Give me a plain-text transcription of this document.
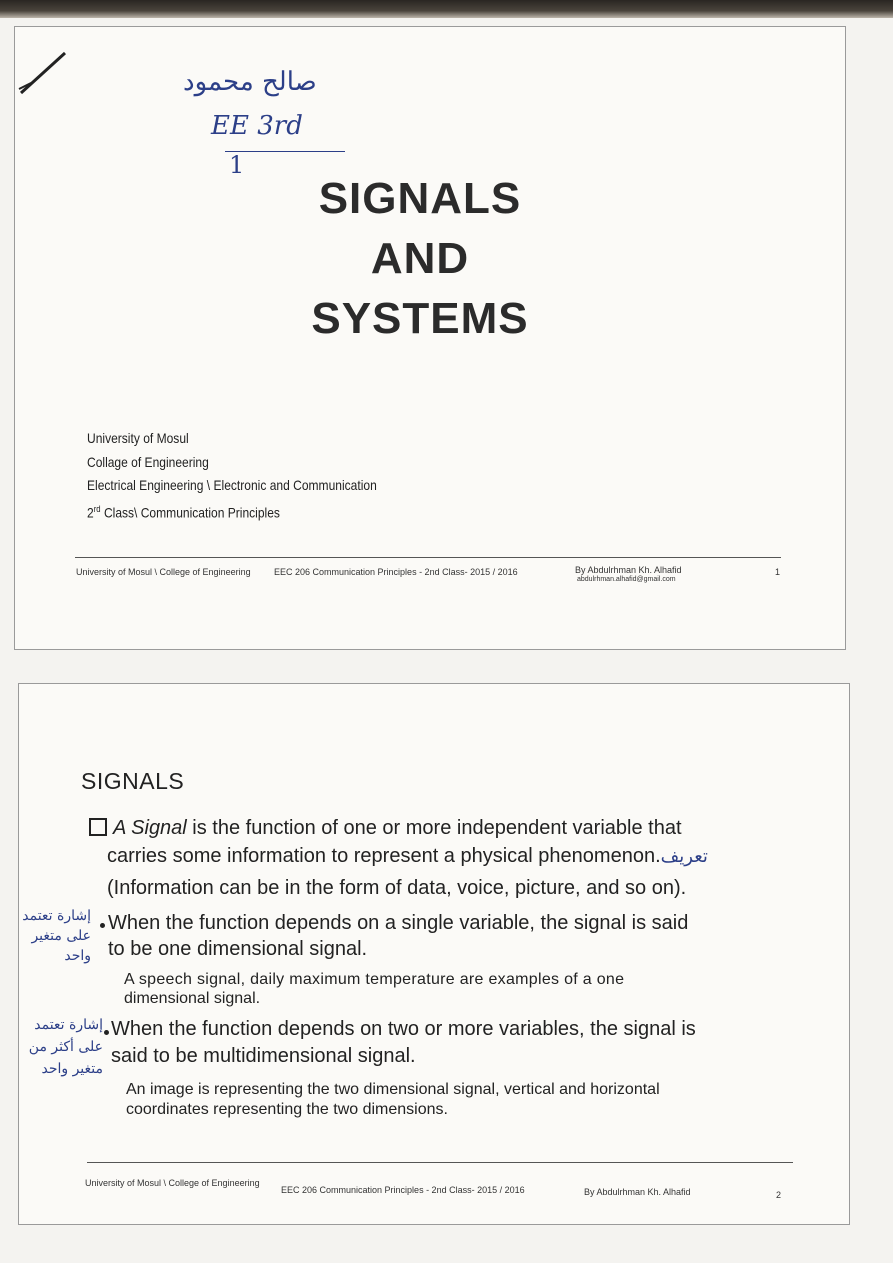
صالح محمود
EE 3rd
1
SIGNALS
AND
SYSTEMS
University of Mosul
Collage of Engineering
Electrical Engineering \ Electronic and Communication
2rd Class\ Communication Principles
University of Mosul \ College of Engineering	EEC 206 Communication Principles - 2nd Class- 2015 / 2016	By Abdulrhman Kh. Alhafid
abdulrhman.alhafid@gmail.com
1
SIGNALS
A Signal is the function of one or more independent variable that
carries some information to represent a physical phenomenon.تعريف
(Information can be in the form of data, voice, picture, and so on).
إشارة تعتمد على متغير واحد
When the function depends on a single variable, the signal is said
to be one dimensional signal.
A speech signal, daily maximum temperature are examples of a one
dimensional signal.
إشارة تعتمد على أكثر من متغير واحد
When the function depends on two or more variables, the signal is
said to be multidimensional signal.
An image is representing the two dimensional signal, vertical and horizontal
coordinates representing the two dimensions.
University of Mosul \ College of Engineering
EEC 206 Communication Principles - 2nd Class- 2015 / 2016	By Abdulrhman Kh. Alhafid	2
